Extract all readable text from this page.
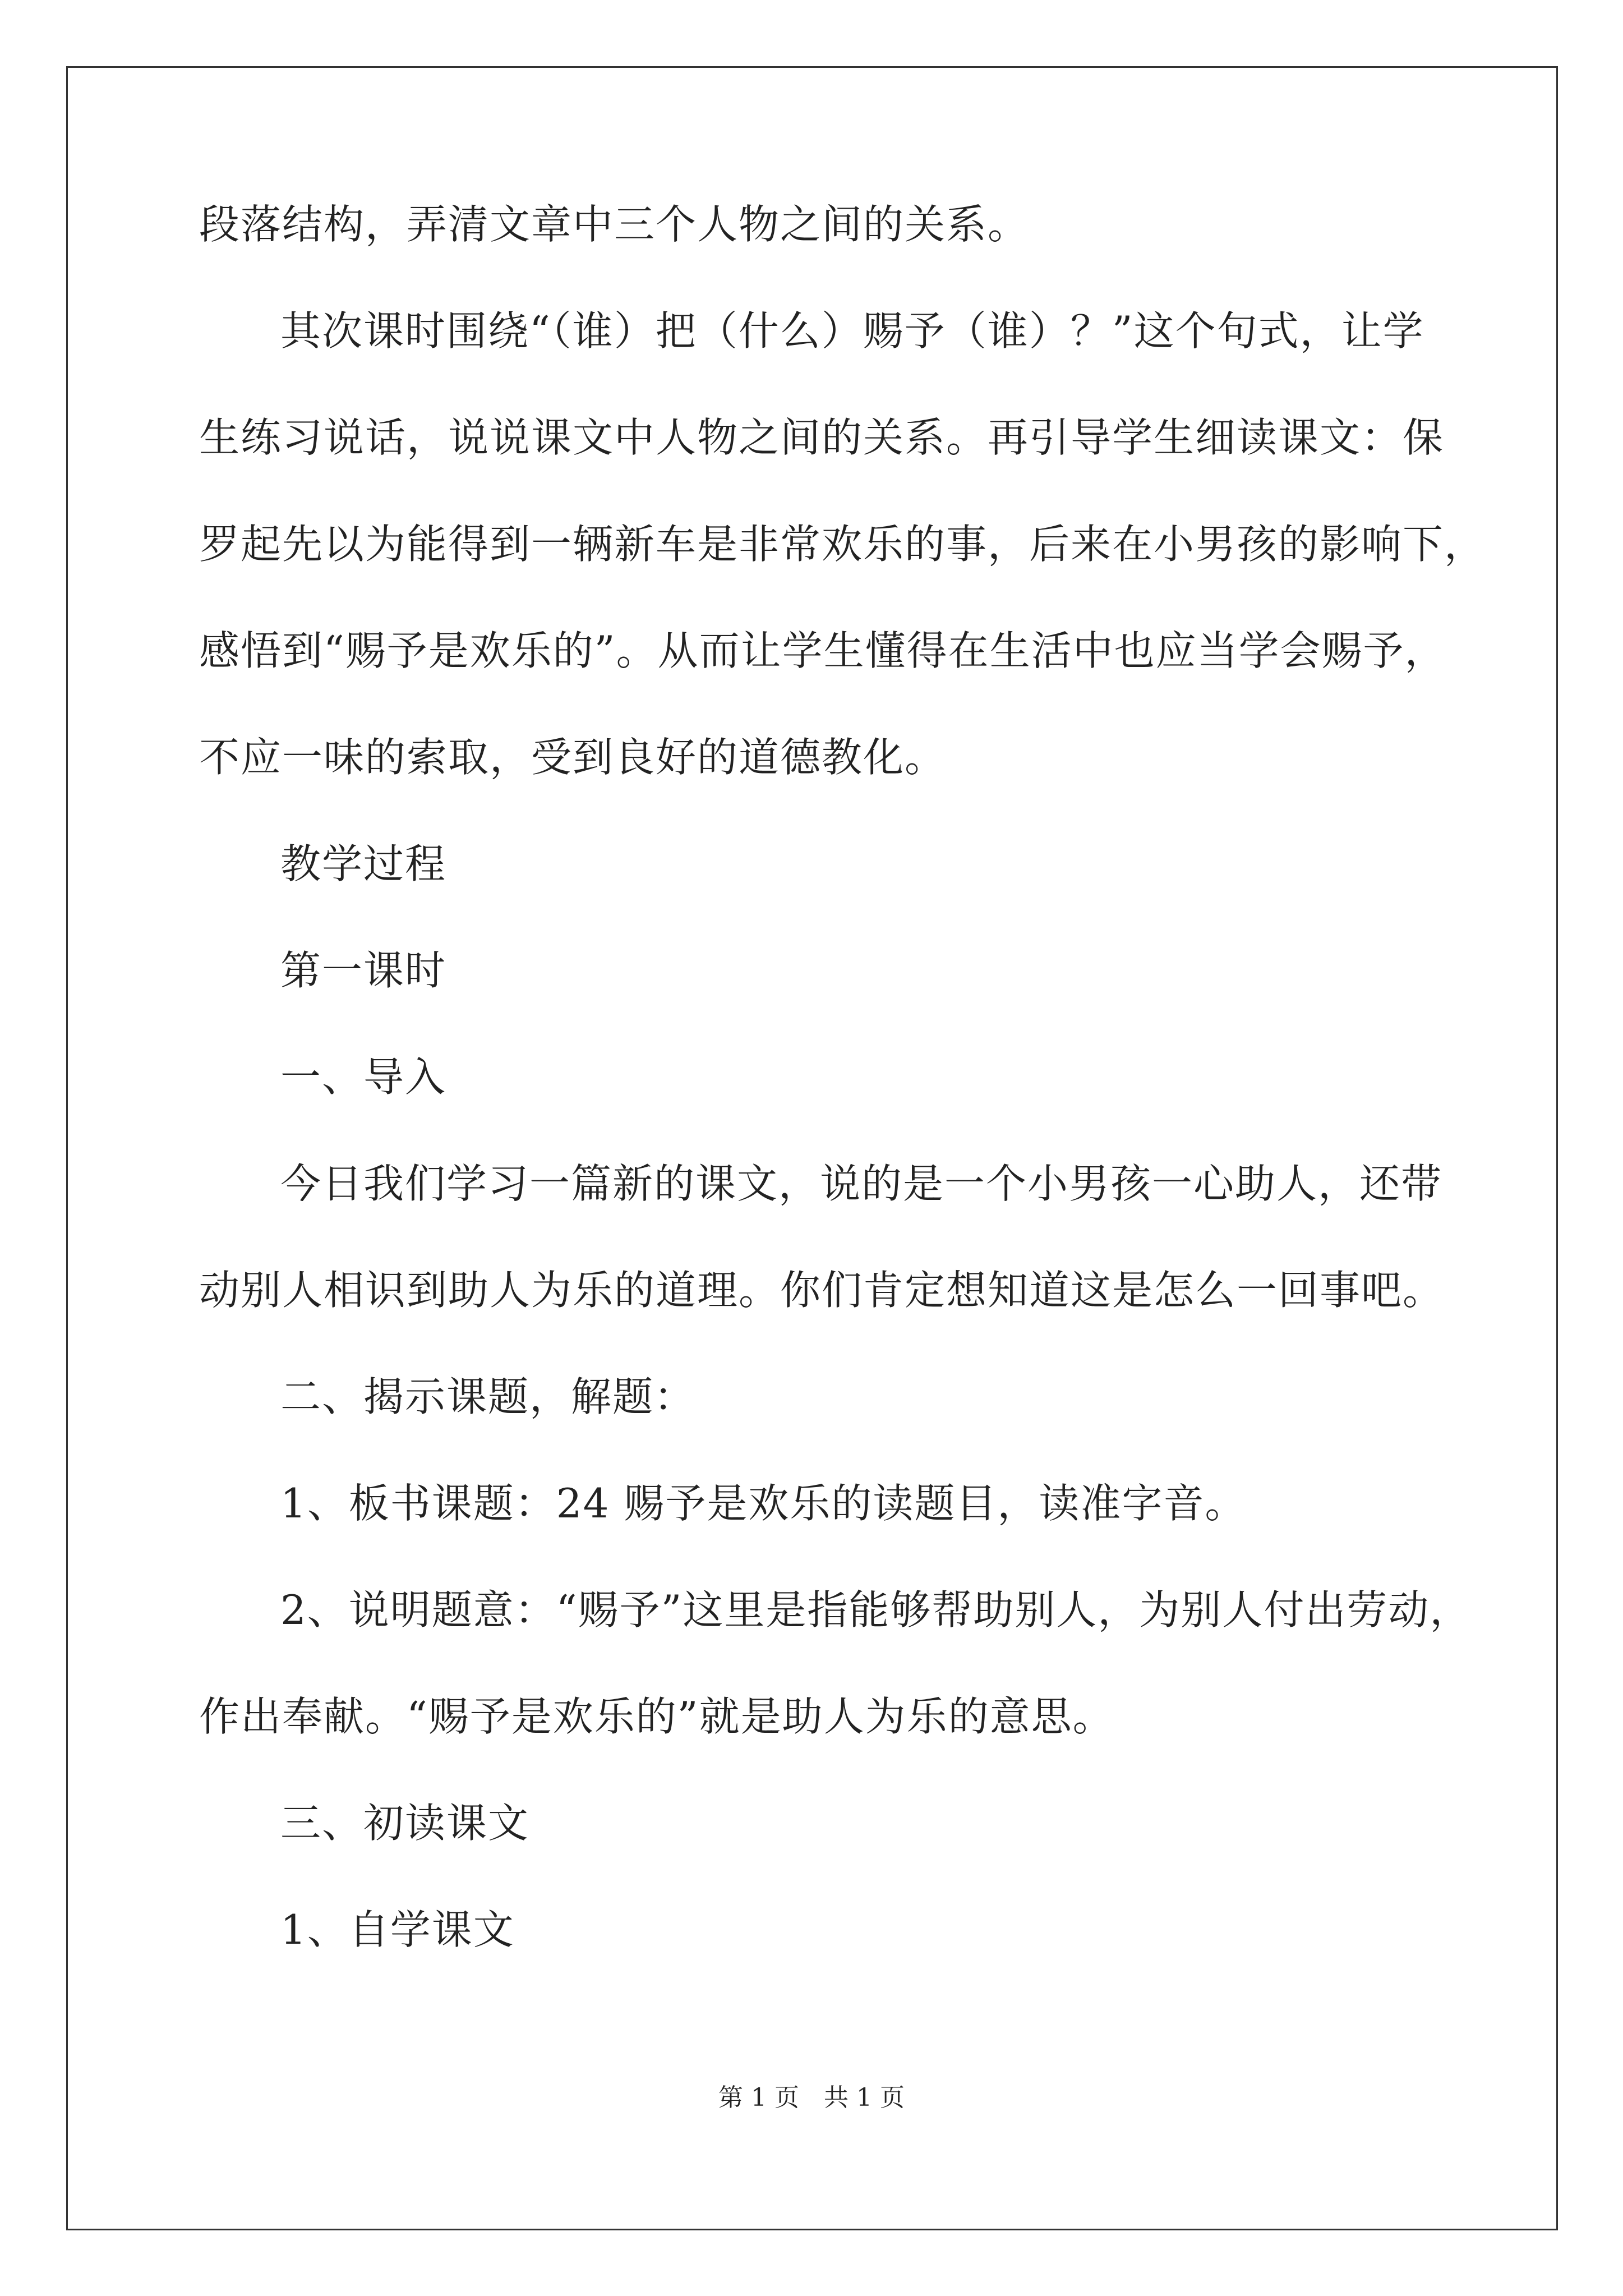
段落结构，弄清文章中三个人物之间的关系。
其次课时围绕“（谁）把（什么）赐予（谁）？”这个句式，让学
生练习说话，说说课文中人物之间的关系。再引导学生细读课文：保
罗起先以为能得到一辆新车是非常欢乐的事，后来在小男孩的影响下，
感悟到“赐予是欢乐的”。从而让学生懂得在生活中也应当学会赐予，
不应一味的索取，受到良好的道德教化。
教学过程
第一课时
一、导入
今日我们学习一篇新的课文，说的是一个小男孩一心助人，还带
动别人相识到助人为乐的道理。你们肯定想知道这是怎么一回事吧。
二、揭示课题，解题：
1、板书课题：24 赐予是欢乐的读题目，读准字音。
2、说明题意：“赐予”这里是指能够帮助别人，为别人付出劳动，
作出奉献。“赐予是欢乐的”就是助人为乐的意思。
三、初读课文
1、自学课文
第 1 页　共 1 页
